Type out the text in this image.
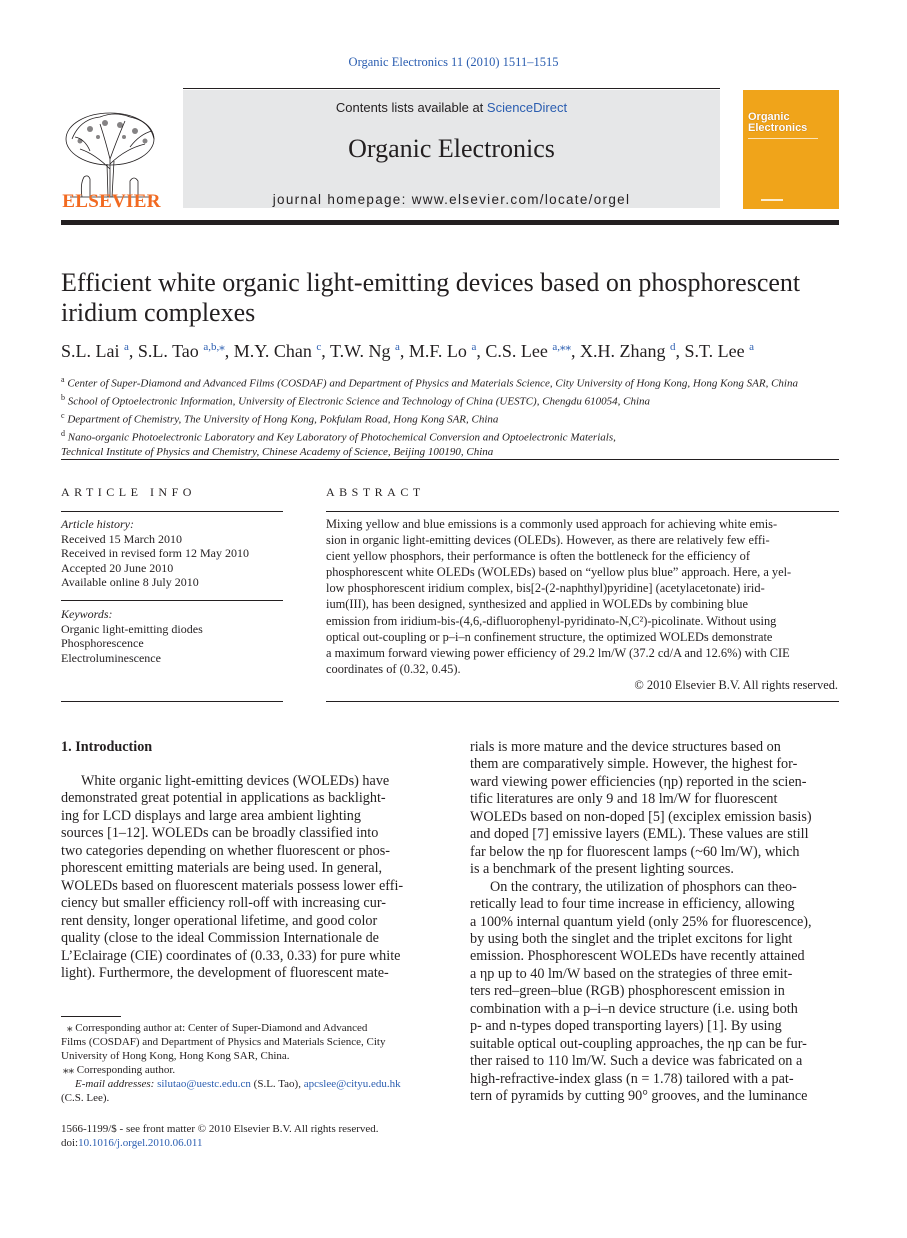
Organic Electronics 11 (2010) 1511–1515
Contents lists available at ScienceDirect
Organic Electronics
journal homepage: www.elsevier.com/locate/orgel
ELSEVIER
Organic
Electronics
Efficient white organic light-emitting devices based on phosphorescent
iridium complexes
S.L. Lai $^a$, S.L. Tao $^{a,b,⁎}$, M.Y. Chan $^c$, T.W. Ng $^a$, M.F. Lo $^a$, C.S. Lee $^{a,⁎⁎}$, X.H. Zhang $^d$, S.T. Lee $^a$
$^a$ Center of Super-Diamond and Advanced Films (COSDAF) and Department of Physics and Materials Science, City University of Hong Kong, Hong Kong SAR, China
$^b$ School of Optoelectronic Information, University of Electronic Science and Technology of China (UESTC), Chengdu 610054, China
$^c$ Department of Chemistry, The University of Hong Kong, Pokfulam Road, Hong Kong SAR, China
$^d$ Nano-organic Photoelectronic Laboratory and Key Laboratory of Photochemical Conversion and Optoelectronic Materials,
Technical Institute of Physics and Chemistry, Chinese Academy of Science, Beijing 100190, China
ARTICLE INFO
Article history:
Received 15 March 2010
Received in revised form 12 May 2010
Accepted 20 June 2010
Available online 8 July 2010
Keywords:
Organic light-emitting diodes
Phosphorescence
Electroluminescence
ABSTRACT
Mixing yellow and blue emissions is a commonly used approach for achieving white emis-
sion in organic light-emitting devices (OLEDs). However, as there are relatively few effi-
cient yellow phosphors, their performance is often the bottleneck for the efficiency of
phosphorescent white OLEDs (WOLEDs) based on “yellow plus blue” approach. Here, a yel-
low phosphorescent iridium complex, bis[2-(2-naphthyl)pyridine] (acetylacetonate) irid-
ium(III), has been designed, synthesized and applied in WOLEDs by combining blue
emission from iridium-bis-(4,6,-difluorophenyl-pyridinato-N,C²)-picolinate. Without using
optical out-coupling or p–i–n confinement structure, the optimized WOLEDs demonstrate
a maximum forward viewing power efficiency of 29.2 lm/W (37.2 cd/A and 12.6%) with CIE
coordinates of (0.32, 0.45).
© 2010 Elsevier B.V. All rights reserved.
1. Introduction
White organic light-emitting devices (WOLEDs) have
demonstrated great potential in applications as backlight-
ing for LCD displays and large area ambient lighting
sources [1–12]. WOLEDs can be broadly classified into
two categories depending on whether fluorescent or phos-
phorescent emitting materials are being used. In general,
WOLEDs based on fluorescent materials possess lower effi-
ciency but smaller efficiency roll-off with increasing cur-
rent density, longer operational lifetime, and good color
quality (close to the ideal Commission Internationale de
L’Eclairage (CIE) coordinates of (0.33, 0.33) for pure white
light). Furthermore, the development of fluorescent mate-
rials is more mature and the device structures based on
them are comparatively simple. However, the highest for-
ward viewing power efficiencies (ηp) reported in the scien-
tific literatures are only 9 and 18 lm/W for fluorescent
WOLEDs based on non-doped [5] (exciplex emission basis)
and doped [7] emissive layers (EML). These values are still
far below the ηp for fluorescent lamps (~60 lm/W), which
is a benchmark of the present lighting sources.
On the contrary, the utilization of phosphors can theo-
retically lead to four time increase in efficiency, allowing
a 100% internal quantum yield (only 25% for fluorescence),
by using both the singlet and the triplet excitons for light
emission. Phosphorescent WOLEDs have recently attained
a ηp up to 40 lm/W based on the strategies of three emit-
ters red–green–blue (RGB) phosphorescent emission in
combination with a p–i–n device structure (i.e. using both
p- and n-types doped transporting layers) [1]. By using
suitable optical out-coupling approaches, the ηp can be fur-
ther raised to 110 lm/W. Such a device was fabricated on a
high-refractive-index glass (n = 1.78) tailored with a pat-
tern of pyramids by cutting 90° grooves, and the luminance
⁎ Corresponding author at: Center of Super-Diamond and Advanced
Films (COSDAF) and Department of Physics and Materials Science, City
University of Hong Kong, Hong Kong SAR, China.
⁎⁎ Corresponding author.
E-mail addresses: silutao@uestc.edu.cn (S.L. Tao), apcslee@cityu.edu.hk
(C.S. Lee).
1566-1199/$ - see front matter © 2010 Elsevier B.V. All rights reserved.
doi:10.1016/j.orgel.2010.06.011
